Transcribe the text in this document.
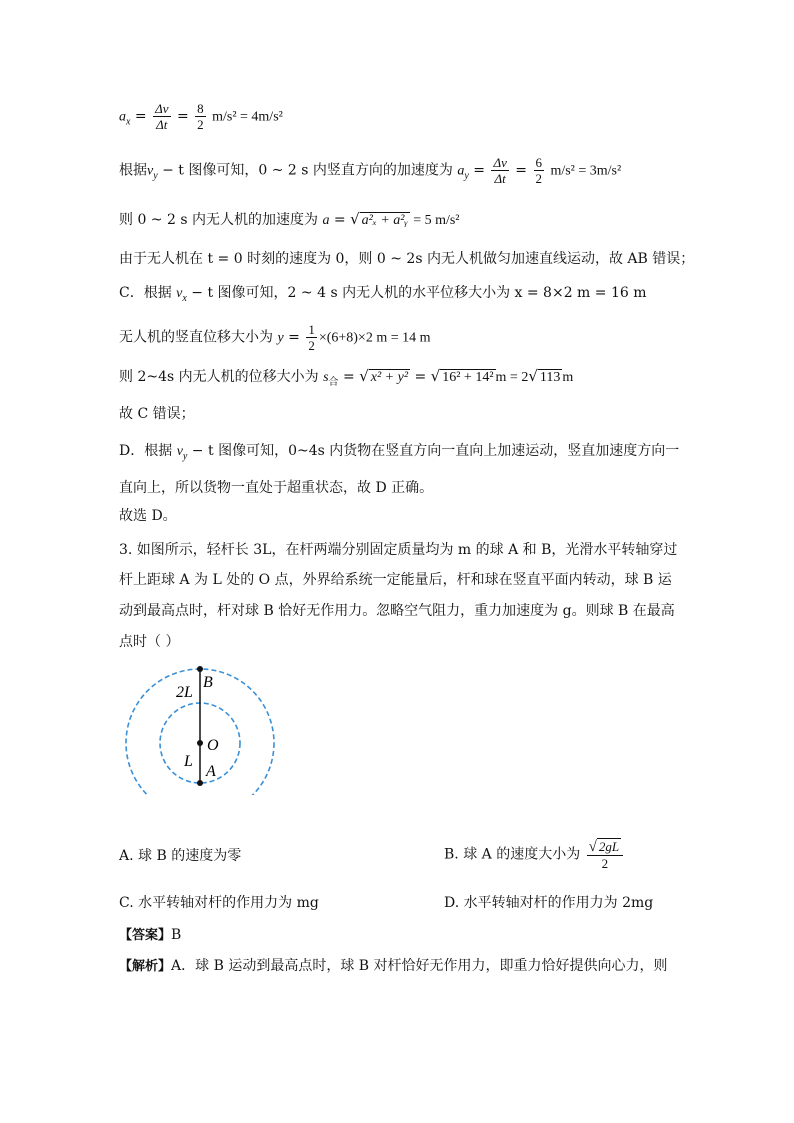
$a_x = \frac{\Delta v}{\Delta t} = \frac{8}{2} m/s^2 = 4m/s^2$
根据$v_y - t$ 图像可知，0 ~ 2 s 内竖直方向的加速度为 $a_y = \frac{\Delta v}{\Delta t} = \frac{6}{2} m/s^2 = 3m/s^2$
则 0 ~ 2 s 内无人机的加速度为 a = √ a²ₓ + a²ᵧ = 5 m/s²
由于无人机在 t = 0 时刻的速度为 0，则 0 ~ 2s 内无人机做匀加速直线运动，故 AB 错误；
C．根据 $v_x - t$ 图像可知，2 ~ 4 s 内无人机的水平位移大小为 x = 8×2 m = 16 m
无人机的竖直位移大小为 $y = \frac{1}{2} \times(6+8)\times 2$ m = 14 m
则 2~4s 内无人机的位移大小为 $s_合$ = √ x² + y² = √ 16² + 14² m = 2√ 113 m
故 C 错误；
D．根据 $v_y - t$ 图像可知，0~4s 内货物在竖直方向一直向上加速运动，竖直加速度方向一
直向上，所以货物一直处于超重状态，故 D 正确。
故选 D。
3. 如图所示，轻杆长 3L，在杆两端分别固定质量均为 m 的球 A 和 B，光滑水平转轴穿过
杆上距球 A 为 L 处的 O 点，外界给系统一定能量后，杆和球在竖直平面内转动，球 B 运
动到最高点时，杆对球 B 恰好无作用力。忽略空气阻力，重力加速度为 g。则球 B 在最高
点时（ ）
2L
B
O
L
A
A. 球 B 的速度为零	B. 球 A 的速度大小为 $\frac{√ 2gL}{2}$
C. 水平转轴对杆的作用力为 mg	D. 水平转轴对杆的作用力为 2mg
【答案】B
【解析】A．球 B 运动到最高点时，球 B 对杆恰好无作用力，即重力恰好提供向心力，则
